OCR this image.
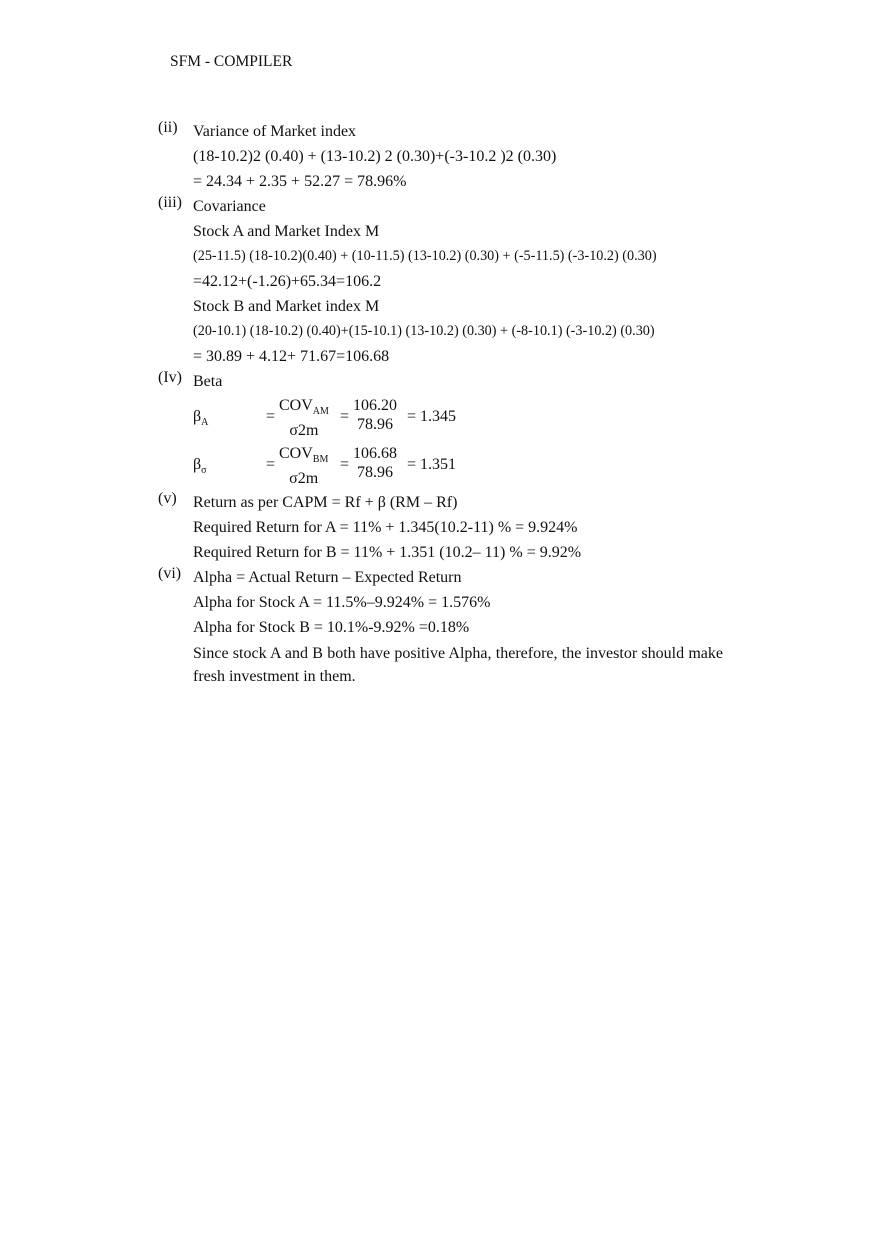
SFM - COMPILER
(ii) Variance of Market index
(18-10.2)2 (0.40) + (13-10.2) 2 (0.30)+(-3-10.2 )2 (0.30)
= 24.34 + 2.35 + 52.27 = 78.96%
(iii) Covariance
Stock A and Market Index M
(25-11.5) (18-10.2)(0.40) + (10-11.5) (13-10.2) (0.30) + (-5-11.5) (-3-10.2) (0.30)
=42.12+(-1.26)+65.34=106.2
Stock B and Market index M
(20-10.1) (18-10.2) (0.40)+(15-10.1) (13-10.2) (0.30) + (-8-10.1) (-3-10.2) (0.30)
= 30.89 + 4.12+ 71.67=106.68
(Iv) Beta
$\beta_A$	=
$COV_{AM}$
σ2m
=
106.20
78.96 = 1.345
$\beta_\sigma$	=
$COV_{BM}$
σ2m
=
106.68
78.96 = 1.351
(v) Return as per CAPM = Rf + β (RM – Rf)
Required Return for A = 11% + 1.345(10.2-11) % = 9.924%
Required Return for B = 11% + 1.351 (10.2– 11) % = 9.92%
(vi) Alpha = Actual Return – Expected Return
Alpha for Stock A = 11.5%–9.924% = 1.576%
Alpha for Stock B = 10.1%-9.92% =0.18%
Since stock A and B both have positive Alpha, therefore, the investor should make fresh investment in them.
